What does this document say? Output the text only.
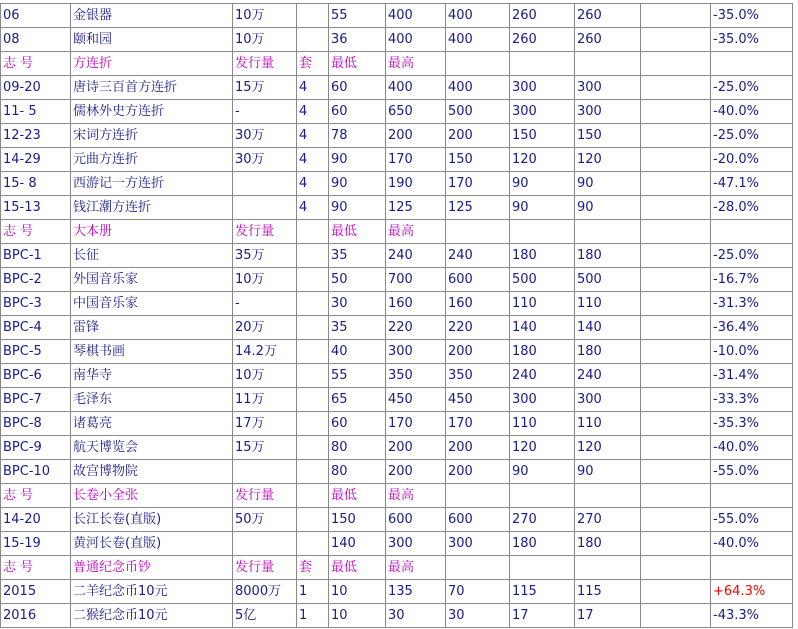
06	金银器	10万		55	400	400	260	260		-35.0%
08	颐和园	10万		36	400	400	260	260		-35.0%
志 号	方连折	发行量	套	最低	最高					
09-20	唐诗三百首方连折	15万	4	60	400	400	300	300		-25.0%
11- 5	儒林外史方连折	-	4	60	650	500	300	300		-40.0%
12-23	宋词方连折	30万	4	78	200	200	150	150		-25.0%
14-29	元曲方连折	30万	4	90	170	150	120	120		-20.0%
15- 8	西游记一方连折		4	90	190	170	90	90		-47.1%
15-13	钱江潮方连折		4	90	125	125	90	90		-28.0%
志 号	大本册	发行量		最低	最高					
BPC-1	长征	35万		35	240	240	180	180		-25.0%
BPC-2	外国音乐家	10万		50	700	600	500	500		-16.7%
BPC-3	中国音乐家	-		30	160	160	110	110		-31.3%
BPC-4	雷锋	20万		35	220	220	140	140		-36.4%
BPC-5	琴棋书画	14.2万		40	300	200	180	180		-10.0%
BPC-6	南华寺	10万		55	350	350	240	240		-31.4%
BPC-7	毛泽东	11万		65	450	450	300	300		-33.3%
BPC-8	诸葛亮	17万		60	170	170	110	110		-35.3%
BPC-9	航天博览会	15万		80	200	200	120	120		-40.0%
BPC-10	故宫博物院			80	200	200	90	90		-55.0%
志 号	长卷小全张	发行量		最低	最高					
14-20	长江长卷(直版)	50万		150	600	600	270	270		-55.0%
15-19	黄河长卷(直版)			140	300	300	180	180		-40.0%
志 号	普通纪念币钞	发行量	套	最低	最高					
2015	二羊纪念币10元	8000万	1	10	135	70	115	115		+64.3%
2016	二猴纪念币10元	5亿	1	10	30	30	17	17		-43.3%
